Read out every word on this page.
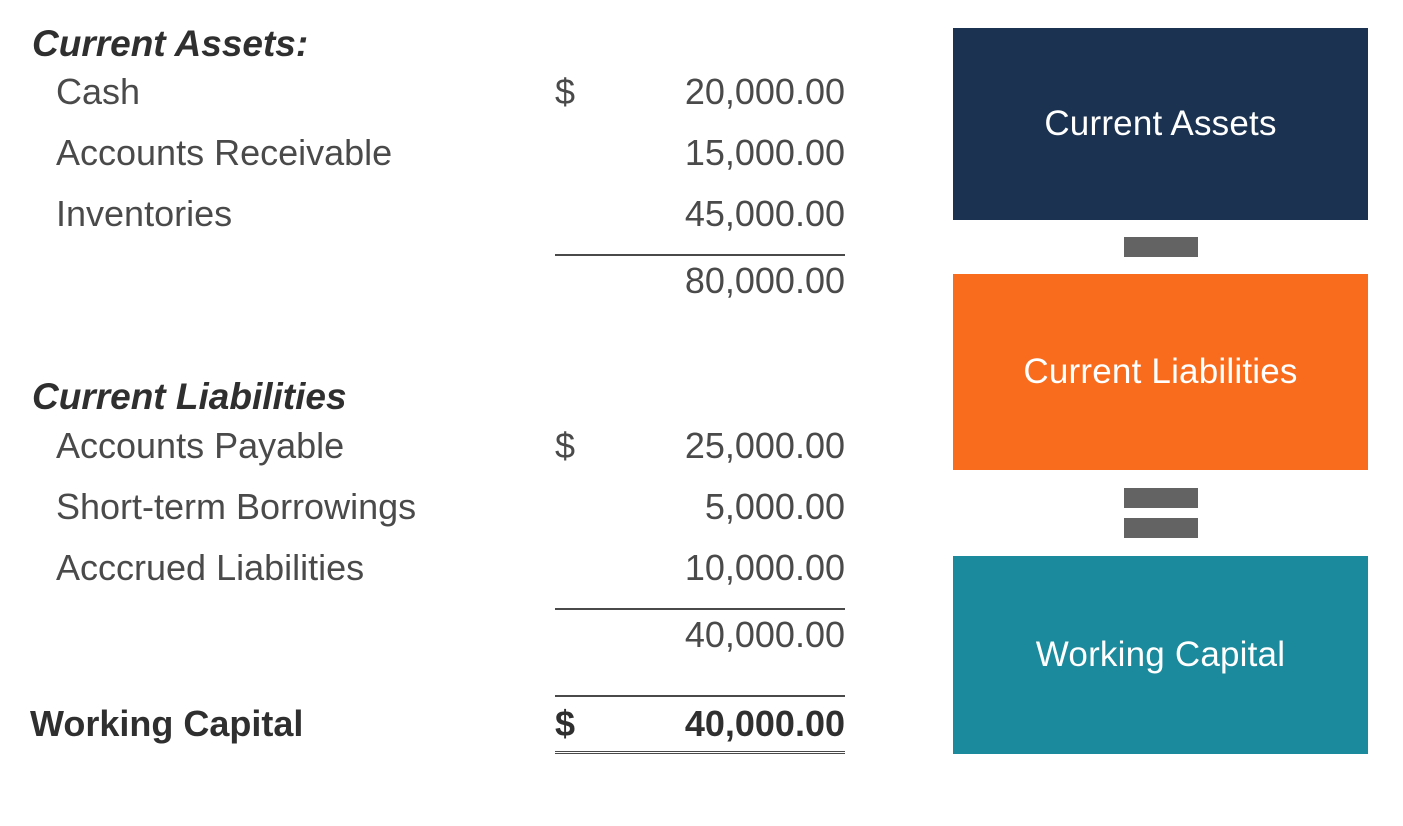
Current Assets:
Cash	$	20,000.00
Accounts Receivable	15,000.00
Inventories	45,000.00
80,000.00
Current Liabilities
Accounts Payable	$	25,000.00
Short-term Borrowings	5,000.00
Acccrued Liabilities	10,000.00
40,000.00
Working Capital	$	40,000.00
Current Assets
Current Liabilities
Working Capital
